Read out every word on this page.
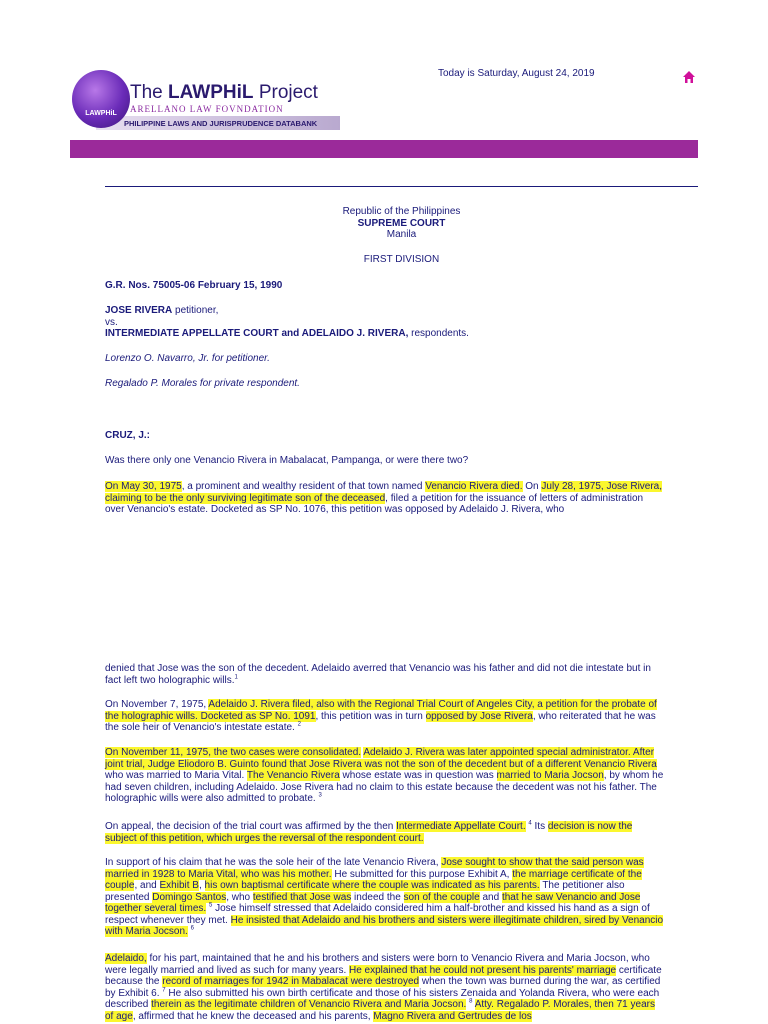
LAWPHiL
The LAWPHiL Project
ARELLANO LAW FOVNDATION
PHILIPPINE LAWS AND JURISPRUDENCE DATABANK
Today is Saturday, August 24, 2019
Republic of the Philippines
SUPREME COURT
Manila
FIRST DIVISION
G.R. Nos. 75005-06 February 15, 1990
JOSE RIVERA petitioner,
vs.
INTERMEDIATE APPELLATE COURT and ADELAIDO J. RIVERA, respondents.
Lorenzo O. Navarro, Jr. for petitioner.
Regalado P. Morales for private respondent.
CRUZ, J.:

Was there only one Venancio Rivera in Mabalacat, Pampanga, or were there two?

On May 30, 1975, a prominent and wealthy resident of that town named Venancio Rivera died. On July 28, 1975, Jose Rivera, claiming to be the only surviving legitimate son of the deceased, filed a petition for the issuance of letters of administration over Venancio's estate. Docketed as SP No. 1076, this petition was opposed by Adelaido J. Rivera, who

denied that Jose was the son of the decedent. Adelaido averred that Venancio was his father and did not die intestate but in fact left two holographic wills.$^1$

On November 7, 1975, Adelaido J. Rivera filed, also with the Regional Trial Court of Angeles City, a petition for the probate of the holographic wills. Docketed as SP No. 1091, this petition was in turn opposed by Jose Rivera, who reiterated that he was the sole heir of Venancio's intestate estate. $^2$

On November 11, 1975, the two cases were consolidated. Adelaido J. Rivera was later appointed special administrator. After joint trial, Judge Eliodoro B. Guinto found that Jose Rivera was not the son of the decedent but of a different Venancio Rivera who was married to Maria Vital. The Venancio Rivera whose estate was in question was married to Maria Jocson, by whom he had seven children, including Adelaido. Jose Rivera had no claim to this estate because the decedent was not his father. The holographic wills were also admitted to probate. $^3$

On appeal, the decision of the trial court was affirmed by the then Intermediate Appellate Court. $^4$ Its decision is now the subject of this petition, which urges the reversal of the respondent court.

In support of his claim that he was the sole heir of the late Venancio Rivera, Jose sought to show that the said person was married in 1928 to Maria Vital, who was his mother. He submitted for this purpose Exhibit A, the marriage certificate of the couple, and Exhibit B, his own baptismal certificate where the couple was indicated as his parents. The petitioner also presented Domingo Santos, who testified that Jose was indeed the son of the couple and that he saw Venancio and Jose together several times. $^5$ Jose himself stressed that Adelaido considered him a half-brother and kissed his hand as a sign of respect whenever they met. He insisted that Adelaido and his brothers and sisters were illegitimate children, sired by Venancio with Maria Jocson. $^6$

Adelaido, for his part, maintained that he and his brothers and sisters were born to Venancio Rivera and Maria Jocson, who were legally married and lived as such for many years. He explained that he could not present his parents' marriage certificate because the record of marriages for 1942 in Mabalacat were destroyed when the town was burned during the war, as certified by Exhibit 6. $^7$ He also submitted his own birth certificate and those of his sisters Zenaida and Yolanda Rivera, who were each described therein as the legitimate children of Venancio Rivera and Maria Jocson. $^8$ Atty. Regalado P. Morales, then 71 years of age, affirmed that he knew the deceased and his parents, Magno Rivera and Gertrudes de los
